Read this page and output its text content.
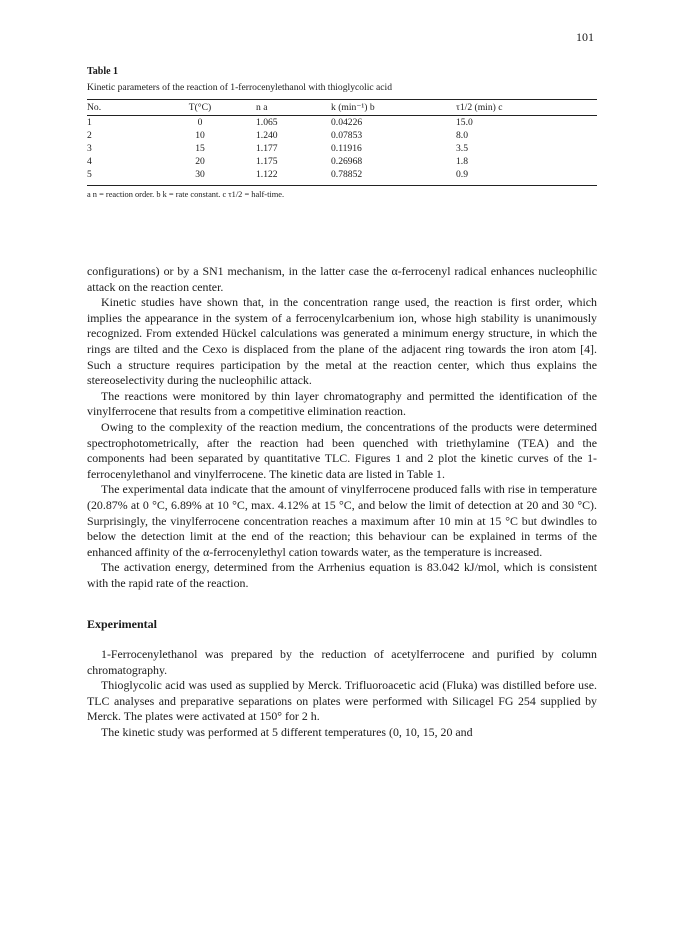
101
Table 1
Kinetic parameters of the reaction of 1-ferrocenylethanol with thioglycolic acid
No.	T(°C)	n a	k (min⁻¹) b	τ1/2 (min) c
1	0	1.065	0.04226	15.0
2	10	1.240	0.07853	8.0
3	15	1.177	0.11916	3.5
4	20	1.175	0.26968	1.8
5	30	1.122	0.78852	0.9
a n = reaction order. b k = rate constant. c τ1/2 = half-time.

configurations) or by a SN1 mechanism, in the latter case the α-ferrocenyl radical enhances nucleophilic attack on the reaction center.

Kinetic studies have shown that, in the concentration range used, the reaction is first order, which implies the appearance in the system of a ferrocenylcarbenium ion, whose high stability is unanimously recognized. From extended Hückel calculations was generated a minimum energy structure, in which the rings are tilted and the Cexo is displaced from the plane of the adjacent ring towards the iron atom [4]. Such a structure requires participation by the metal at the reaction center, which thus explains the stereoselectivity during the nucleophilic attack.

The reactions were monitored by thin layer chromatography and permitted the identification of the vinylferrocene that results from a competitive elimination reaction.

Owing to the complexity of the reaction medium, the concentrations of the products were determined spectrophotometrically, after the reaction had been quenched with triethylamine (TEA) and the components had been separated by quantitative TLC. Figures 1 and 2 plot the kinetic curves of the 1-ferrocenylethanol and vinylferrocene. The kinetic data are listed in Table 1.

The experimental data indicate that the amount of vinylferrocene produced falls with rise in temperature (20.87% at 0 °C, 6.89% at 10 °C, max. 4.12% at 15 °C, and below the limit of detection at 20 and 30 °C). Surprisingly, the vinylferrocene concentration reaches a maximum after 10 min at 15 °C but dwindles to below the detection limit at the end of the reaction; this behaviour can be explained in terms of the enhanced affinity of the α-ferrocenylethyl cation towards water, as the temperature is increased.

The activation energy, determined from the Arrhenius equation is 83.042 kJ/mol, which is consistent with the rapid rate of the reaction.

Experimental

1-Ferrocenylethanol was prepared by the reduction of acetylferrocene and purified by column chromatography.

Thioglycolic acid was used as supplied by Merck. Trifluoroacetic acid (Fluka) was distilled before use. TLC analyses and preparative separations on plates were performed with Silicagel FG 254 supplied by Merck. The plates were activated at 150° for 2 h.

The kinetic study was performed at 5 different temperatures (0, 10, 15, 20 and
